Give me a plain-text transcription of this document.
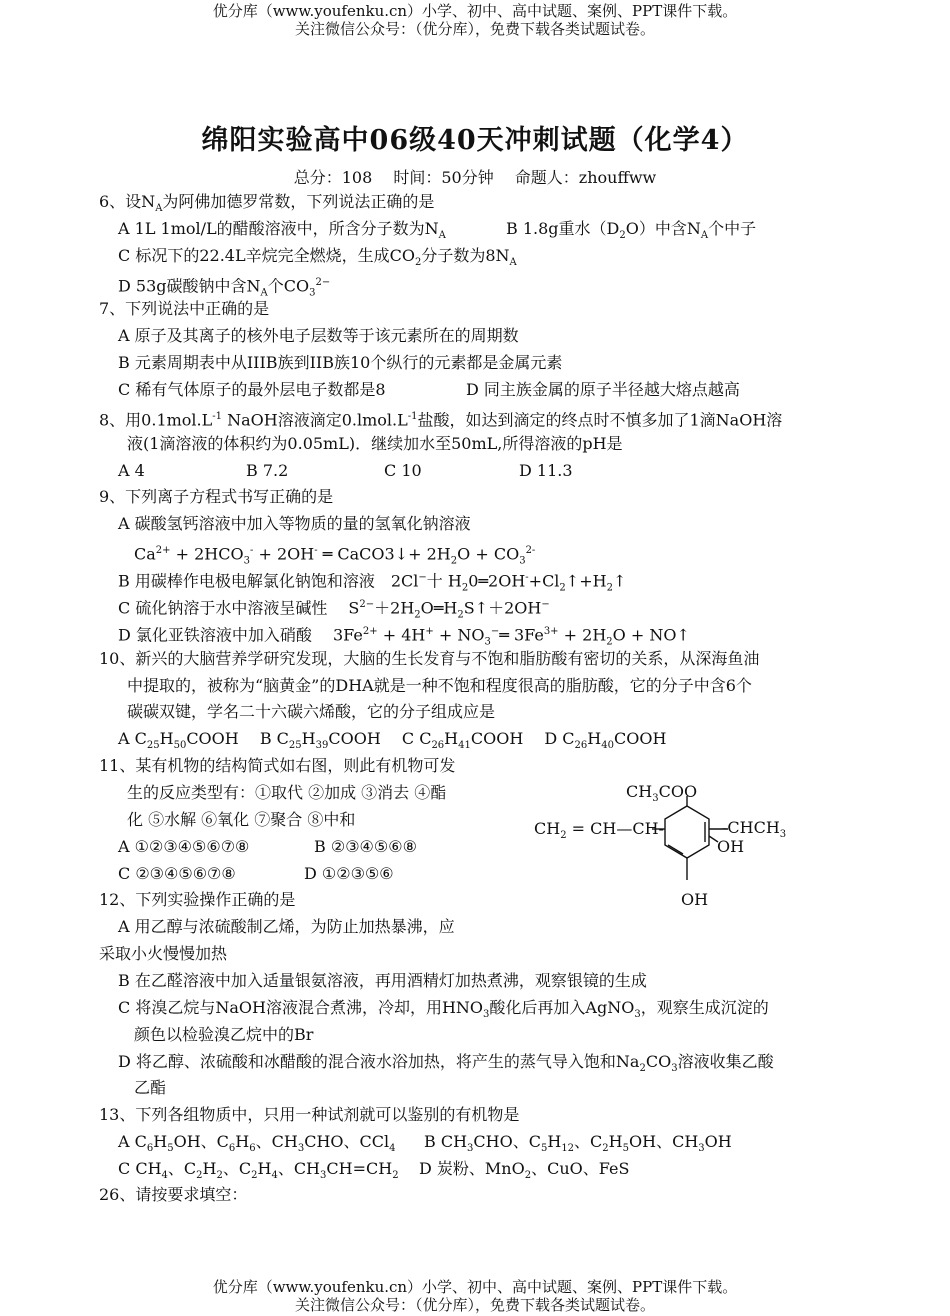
优分库（www.youfenku.cn）小学、初中、高中试题、案例、PPT课件下载。
关注微信公众号：（优分库），免费下载各类试题试卷。
绵阳实验高中06级40天冲刺试题（化学4）
总分：108　 时间：50分钟　 命题人：zhouffww
6、设$N_A$为阿佛加德罗常数，下列说法正确的是
A 1L 1mol/L的醋酸溶液中，所含分子数为$N_A$	B 1.8g重水$(D_2O)$中含$N_A$个中子
C 标况下的22.4L辛烷完全燃烧，生成$CO_2$分子数为$8N_A$
D 53g碳酸钠中含$N_A$个$CO_3^{2-}$
7、下列说法中正确的是
A 原子及其离子的核外电子层数等于该元素所在的周期数
B 元素周期表中从IIIB族到IIB族10个纵行的元素都是金属元素
C 稀有气体原子的最外层电子数都是8	D 同主族金属的原子半径越大熔点越高
8、用$0.1mol.L^{-1}$ NaOH溶液滴定$0.lmol.L^{-1}$盐酸，如达到滴定的终点时不慎多加了1滴NaOH溶
液(1滴溶液的体积约为0.05mL)．继续加水至50mL,所得溶液的pH是
A 4	B 7.2	C 10	D 11.3
9、下列离子方程式书写正确的是
A 碳酸氢钙溶液中加入等物质的量的氢氧化钠溶液
$Ca^{2+} + 2HCO_3^- + 2OH^-$ ═ CaCO3↓+ $2H_2O + CO_3^{2-}$
B 用碳棒作电极电解氯化钠饱和溶液　2Cl−十 $H_20═2OH^-+Cl_2↑+H_2↑$
C 硫化钠溶于水中溶液呈碱性　 $S^{2-}+2H_2O═H_2S↑+2OH^-$
D 氯化亚铁溶液中加入硝酸　 $3Fe^{2+} + 4H^+$ + $NO_3^-═$ $3Fe^{3+} + 2H_2O$ + NO↑
10、新兴的大脑营养学研究发现，大脑的生长发育与不饱和脂肪酸有密切的关系，从深海鱼油
中提取的，被称为“脑黄金”的DHA就是一种不饱和程度很高的脂肪酸，它的分子中含6个
碳碳双键，学名二十六碳六烯酸，它的分子组成应是
A $C_{25}H_{50}COOH$　 B $C_{25}H_{39}COOH$　 C $C_{26}H_{41}COOH$　 D $C_{26}H_{40}COOH$
11、某有机物的结构简式如右图，则此有机物可发
生的反应类型有：①取代 ②加成 ③消去 ④酯
化 ⑤水解 ⑥氧化 ⑦聚合 ⑧中和
A ①②③④⑤⑥⑦⑧	B ②③④⑤⑥⑧
C ②③④⑤⑥⑦⑧	D ①②③⑤⑥
$CH_3COO$
$CH_2$ = CH—CH-	$-CHCH_3$
OH
OH
12、下列实验操作正确的是
A 用乙醇与浓硫酸制乙烯，为防止加热暴沸，应
采取小火慢慢加热
B 在乙醛溶液中加入适量银氨溶液，再用酒精灯加热煮沸，观察银镜的生成
C 将溴乙烷与NaOH溶液混合煮沸，冷却，用$HNO_3$酸化后再加入AgNO$_3$，观察生成沉淀的
颜色以检验溴乙烷中的Br
D 将乙醇、浓硫酸和冰醋酸的混合液水浴加热，将产生的蒸气导入饱和$Na_2CO_3$溶液收集乙酸
乙酯
13、下列各组物质中，只用一种试剂就可以鉴别的有机物是
A $C_6H_5OH$、$C_6H_6$、$CH_3CHO$、CCl$_4$ B $CH_3CHO$、$C_5H_{12}$、$C_2H_5OH$、$CH_3OH$
C $CH_4$、$C_2H_2$、$C_2H_4$、$CH_3CH=CH_2$ D 炭粉、MnO$_2$、CuO、FeS
26、请按要求填空：
优分库（www.youfenku.cn）小学、初中、高中试题、案例、PPT课件下载。
关注微信公众号：（优分库），免费下载各类试题试卷。
